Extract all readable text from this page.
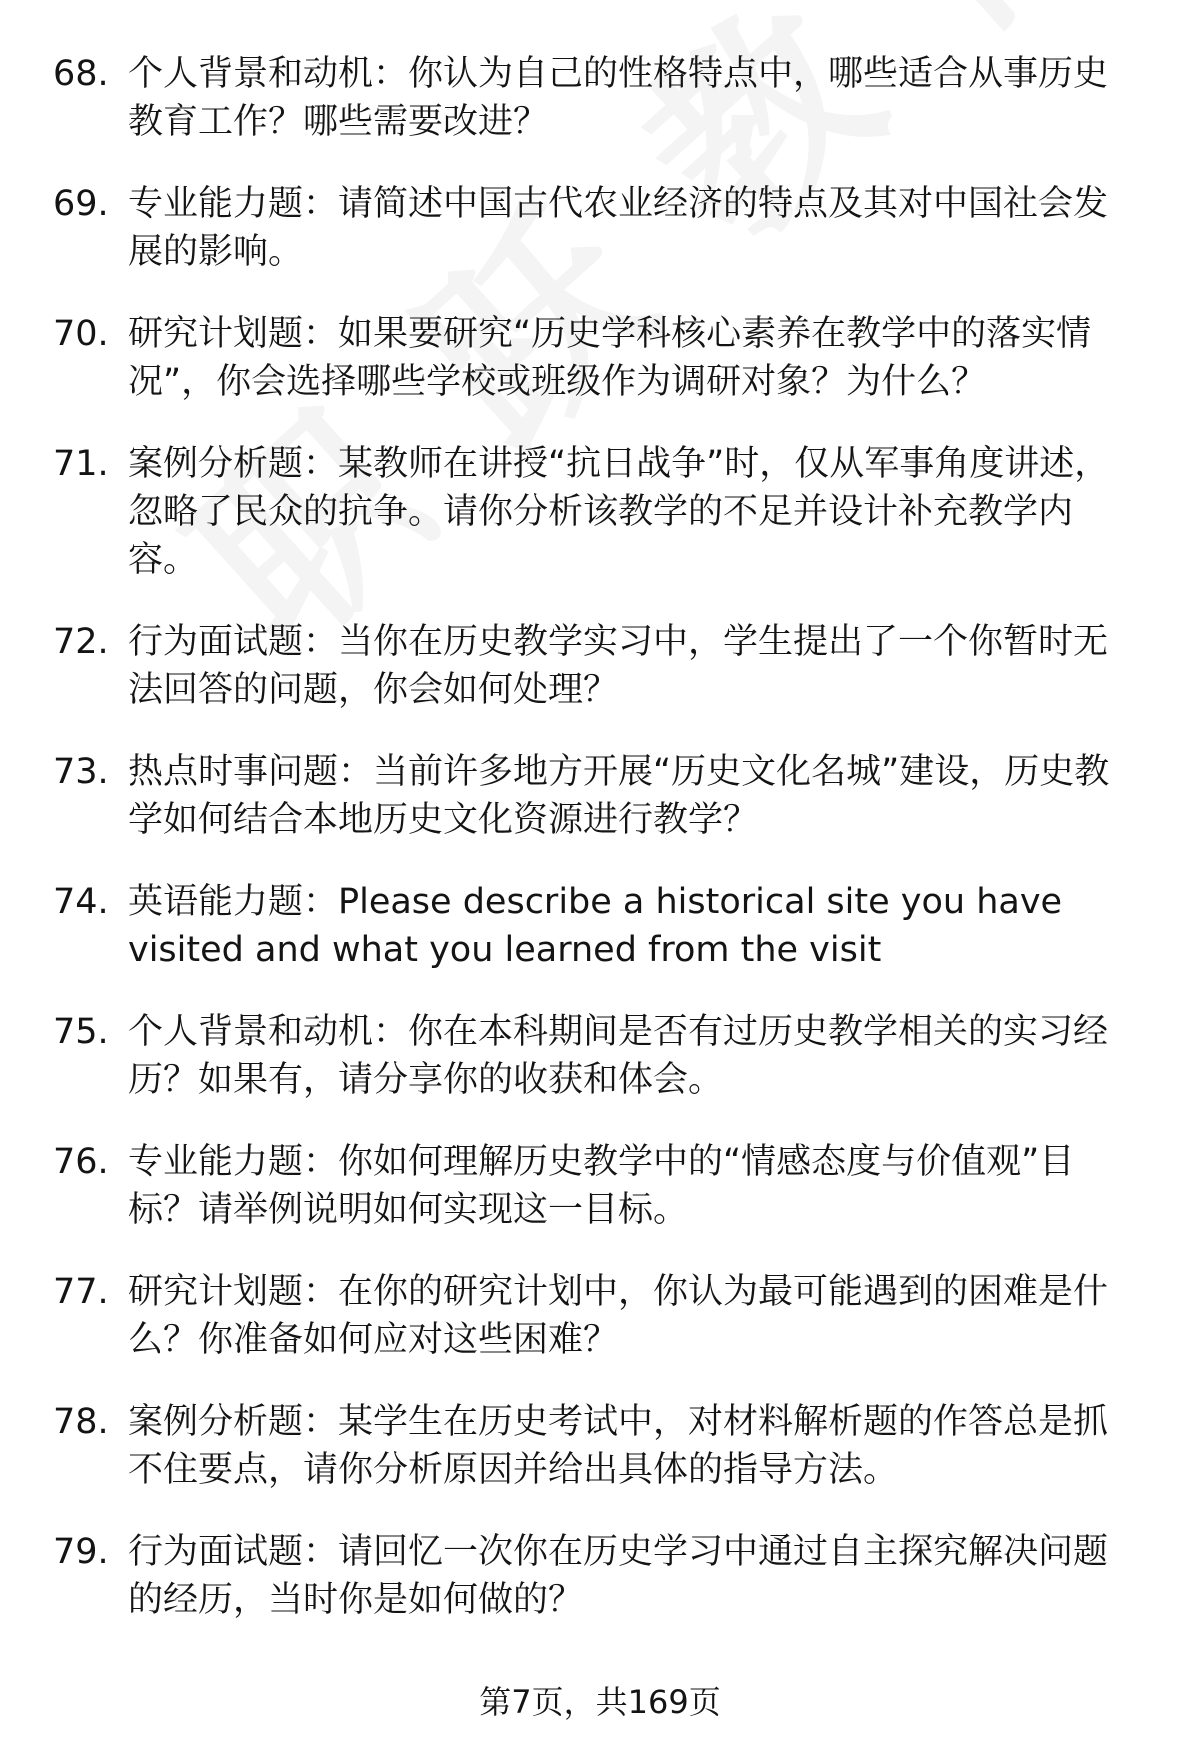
68. 个人背景和动机：你认为自己的性格特点中，哪些适合从事历史教育工作？哪些需要改进？
69. 专业能力题：请简述中国古代农业经济的特点及其对中国社会发展的影响。
70. 研究计划题：如果要研究“历史学科核心素养在教学中的落实情况”，你会选择哪些学校或班级作为调研对象？为什么？
71. 案例分析题：某教师在讲授“抗日战争”时，仅从军事角度讲述，忽略了民众的抗争。请你分析该教学的不足并设计补充教学内容。
72. 行为面试题：当你在历史教学实习中，学生提出了一个你暂时无法回答的问题，你会如何处理？
73. 热点时事问题：当前许多地方开展“历史文化名城”建设，历史教学如何结合本地历史文化资源进行教学？
74. 英语能力题：Please describe a historical site you have visited and what you learned from the visit
75. 个人背景和动机：你在本科期间是否有过历史教学相关的实习经历？如果有，请分享你的收获和体会。
76. 专业能力题：你如何理解历史教学中的“情感态度与价值观”目标？请举例说明如何实现这一目标。
77. 研究计划题：在你的研究计划中，你认为最可能遇到的困难是什么？你准备如何应对这些困难？
78. 案例分析题：某学生在历史考试中，对材料解析题的作答总是抓不住要点，请你分析原因并给出具体的指导方法。
79. 行为面试题：请回忆一次你在历史学习中通过自主探究解决问题的经历，当时你是如何做的？
第7页，共169页
